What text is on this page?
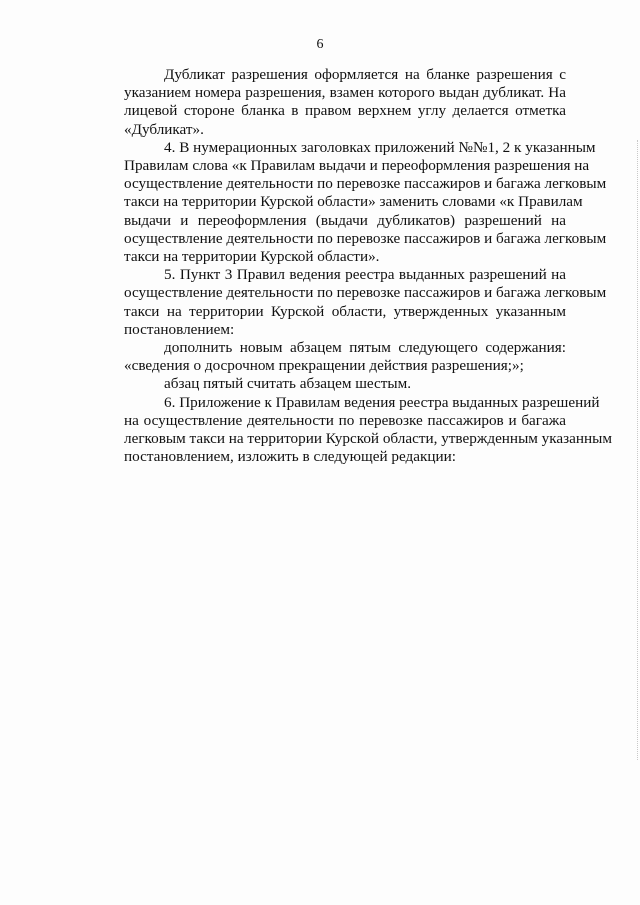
6

Дубликат разрешения оформляется на бланке разрешения с
указанием номера разрешения, взамен которого выдан дубликат. На
лицевой стороне бланка в правом верхнем углу делается отметка
«Дубликат».

4. В нумерационных заголовках приложений №№1, 2 к указанным
Правилам слова «к Правилам выдачи и переоформления разрешения на
осуществление деятельности по перевозке пассажиров и багажа легковым
такси на территории Курской области» заменить словами «к Правилам
выдачи и переоформления (выдачи дубликатов) разрешений на
осуществление деятельности по перевозке пассажиров и багажа легковым
такси на территории Курской области».

5. Пункт 3 Правил ведения реестра выданных разрешений на
осуществление деятельности по перевозке пассажиров и багажа легковым
такси на территории Курской области, утвержденных указанным
постановлением:

дополнить новым абзацем пятым следующего содержания:
«сведения о досрочном прекращении действия разрешения;»;

абзац пятый считать абзацем шестым.

6. Приложение к Правилам ведения реестра выданных разрешений
на осуществление деятельности по перевозке пассажиров и багажа
легковым такси на территории Курской области, утвержденным указанным
постановлением, изложить в следующей редакции:
